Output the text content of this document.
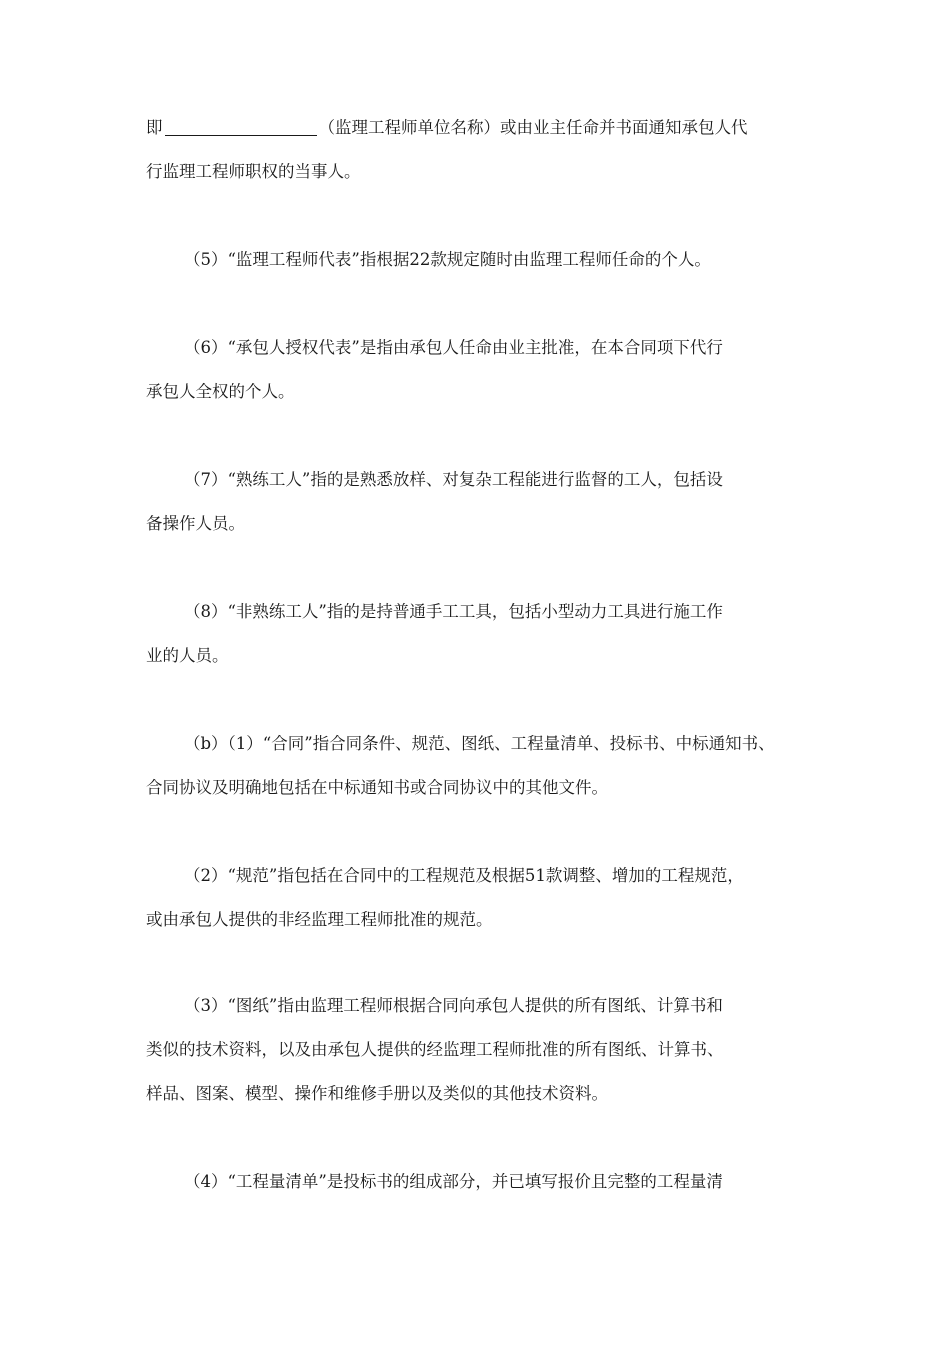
即	（监理工程师单位名称）或由业主任命并书面通知承包人代
行监理工程师职权的当事人。
（5）“监理工程师代表”指根据22款规定随时由监理工程师任命的个人。
（6）“承包人授权代表”是指由承包人任命由业主批准，在本合同项下代行
承包人全权的个人。
（7）“熟练工人”指的是熟悉放样、对复杂工程能进行监督的工人，包括设
备操作人员。
（8）“非熟练工人”指的是持普通手工工具，包括小型动力工具进行施工作
业的人员。
（b）（1）“合同”指合同条件、规范、图纸、工程量清单、投标书、中标通知书、
合同协议及明确地包括在中标通知书或合同协议中的其他文件。
（2）“规范”指包括在合同中的工程规范及根据51款调整、增加的工程规范，
或由承包人提供的非经监理工程师批准的规范。
（3）“图纸”指由监理工程师根据合同向承包人提供的所有图纸、计算书和
类似的技术资料，以及由承包人提供的经监理工程师批准的所有图纸、计算书、
样品、图案、模型、操作和维修手册以及类似的其他技术资料。
（4）“工程量清单”是投标书的组成部分，并已填写报价且完整的工程量清
